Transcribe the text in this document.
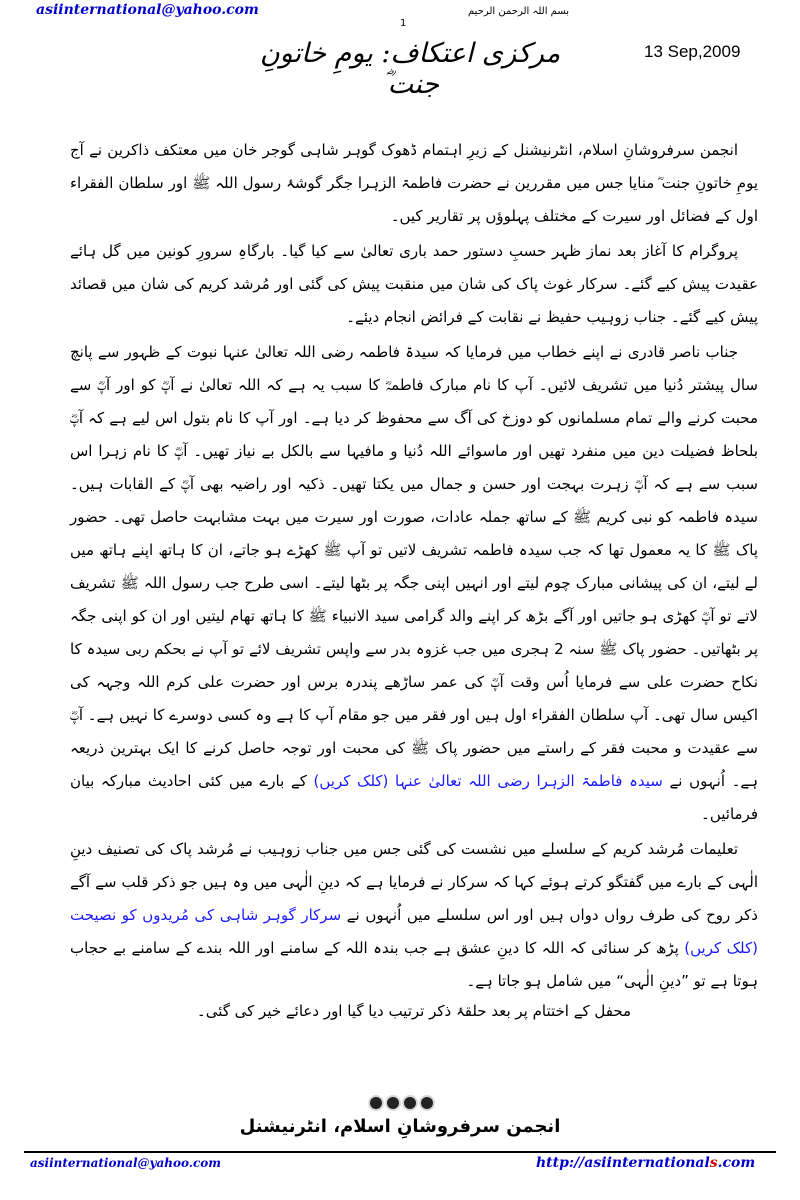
asiinternational@yahoo.com	بسم اللہ الرحمن الرحیم
1
13 Sep,2009
مرکزی اعتکاف: یومِ خاتونِ جنت ؓ

انجمن سرفروشانِ اسلام، انٹرنیشنل کے زیرِ اہتمام ڈھوک گوہر شاہی گوجر خان میں معتکف ذاکرین نے آج یومِ خاتونِ جنت ؓ منایا جس میں مقررین نے حضرت فاطمۃ الزہرا جگر گوشۂ رسول اللہ ﷺ اور سلطان الفقراء اول کے فضائل اور سیرت کے مختلف پہلوؤں پر تقاریر کیں۔

پروگرام کا آغاز بعد نماز ظہر حسبِ دستور حمد باری تعالیٰ سے کیا گیا۔ بارگاہِ سرورِ کونین میں گل ہائے عقیدت پیش کیے گئے۔ سرکار غوث پاک کی شان میں منقبت پیش کی گئی اور مُرشد کریم کی شان میں قصائد پیش کیے گئے۔ جناب زوہیب حفیظ نے نقابت کے فرائض انجام دیئے۔

جناب ناصر قادری نے اپنے خطاب میں فرمایا کہ سیدۃ فاطمہ رضی اللہ تعالیٰ عنہا نبوت کے ظہور سے پانچ سال پیشتر دُنیا میں تشریف لائیں۔ آپ کا نام مبارک فاطمہؓ کا سبب یہ ہے کہ اللہ تعالیٰ نے آپؓ کو اور آپؓ سے محبت کرنے والے تمام مسلمانوں کو دوزخ کی آگ سے محفوظ کر دیا ہے۔ اور آپ کا نام بتول اس لیے ہے کہ آپؓ بلحاظ فضیلت دین میں منفرد تھیں اور ماسوائے اللہ دُنیا و مافیہا سے بالکل بے نیاز تھیں۔ آپؓ کا نام زہرا اس سبب سے ہے کہ آپؓ زہرت بہجت اور حسن و جمال میں یکتا تھیں۔ ذکیہ اور راضیہ بھی آپؓ کے القابات ہیں۔ سیدہ فاطمہ کو نبی کریم ﷺ کے ساتھ جملہ عادات، صورت اور سیرت میں بہت مشابہت حاصل تھی۔ حضور پاک ﷺ کا یہ معمول تھا کہ جب سیدہ فاطمہ تشریف لاتیں تو آپ ﷺ کھڑے ہو جاتے، ان کا ہاتھ اپنے ہاتھ میں لے لیتے، ان کی پیشانی مبارک چوم لیتے اور انہیں اپنی جگہ پر بٹھا لیتے۔ اسی طرح جب رسول اللہ ﷺ تشریف لاتے تو آپؓ کھڑی ہو جاتیں اور آگے بڑھ کر اپنے والد گرامی سید الانبیاء ﷺ کا ہاتھ تھام لیتیں اور ان کو اپنی جگہ پر بٹھاتیں۔ حضور پاک ﷺ سنہ 2 ہجری میں جب غزوہ بدر سے واپس تشریف لائے تو آپ نے بحکم ربی سیدہ کا نکاح حضرت علی سے فرمایا اُس وقت آپؓ کی عمر ساڑھے پندرہ برس اور حضرت علی کرم اللہ وجہہ کی اکیس سال تھی۔ آپ سلطان الفقراء اول ہیں اور فقر میں جو مقام آپ کا ہے وہ کسی دوسرے کا نہیں ہے۔ آپؓ سے عقیدت و محبت فقر کے راستے میں حضور پاک ﷺ کی محبت اور توجہ حاصل کرنے کا ایک بہترین ذریعہ ہے۔ اُنہوں نے سیدہ فاطمۃ الزہرا رضی اللہ تعالیٰ عنہا (کلک کریں) کے بارے میں کئی احادیث مبارکہ بیان فرمائیں۔

تعلیمات مُرشد کریم کے سلسلے میں نشست کی گئی جس میں جناب زوہیب نے مُرشد پاک کی تصنیف دینِ الٰہی کے بارے میں گفتگو کرتے ہوئے کہا کہ سرکار نے فرمایا ہے کہ دینِ الٰہی میں وہ ہیں جو ذکر قلب سے آگے ذکر روح کی طرف رواں دواں ہیں اور اس سلسلے میں اُنہوں نے سرکار گوہر شاہی کی مُریدوں کو نصیحت (کلک کریں) پڑھ کر سنائی کہ اللہ کا دینِ عشق ہے جب بندہ اللہ کے سامنے اور اللہ بندے کے سامنے بے حجاب ہوتا ہے تو ”دینِ الٰہی“ میں شامل ہو جاتا ہے۔

محفل کے اختتام پر بعد حلقۂ ذکر ترتیب دیا گیا اور دعائے خیر کی گئی۔

انجمن سرفروشانِ اسلام، انٹرنیشنل
asiinternational@yahoo.com	http://asiinternationals.com
